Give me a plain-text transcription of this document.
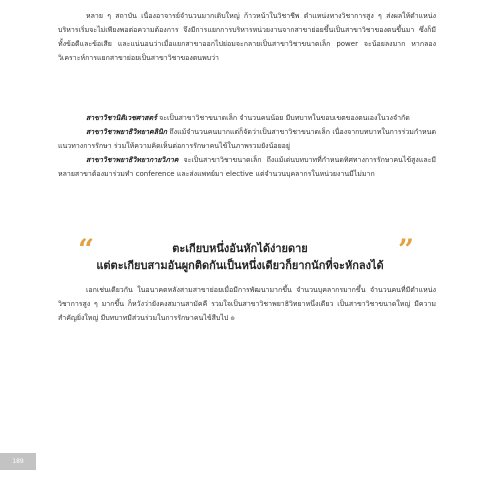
หลาย ๆ สถาบัน เนื่องอาจารย์จำนวนมากเติบใหญ่ ก้าวหน้าในวิชาชีพ ตำแหน่งทางวิชาการสูง ๆ ส่งผลให้ตำแหน่งบริหารเริ่มจะไม่เพียงพอต่อความต้องการ จึงมีการแยกการบริหารหน่วยงานจากสาขาย่อยขึ้นเป็นสาขาวิชาของตนขึ้นมา ซึ่งก็มีทั้งข้อดีและข้อเสีย และแน่นอนว่าเมื่อแยกสาขาออกไปย่อมจะกลายเป็นสาขาวิชาขนาดเล็ก power จะน้อยลงมาก หากลองวิเคราะห์การแยกสาขาย่อยเป็นสาขาวิชาของตนพบว่า

สาขาวิชานิติเวชศาสตร์ จะเป็นสาขาวิชาขนาดเล็ก จำนวนคนน้อย มีบทบาทในขอบเขตของตนเองในวงจำกัด
สาขาวิชาพยาธิวิทยาคลินิก ถึงแม้จำนวนคนมากแต่ก็จัดว่าเป็นสาขาวิชาขนาดเล็ก เนื่องจากบทบาทในการร่วมกำหนดแนวทางการรักษา ร่วมให้ความคิดเห็นต่อการรักษาคนไข้ในภาพรวมยังน้อยอยู่
สาขาวิชาพยาธิวิทยากายวิภาค จะเป็นสาขาวิชาขนาดเล็ก ถึงแม้เด่นบทบาทที่กำหนดทิศทางการรักษาคนไข้สูงและมีหลายสาขาต้องมาร่วมทำ conference และส่งแพทย์มา elective แต่จำนวนบุคลากรในหน่วยงานมีไม่มาก
“	ตะเกียบหนึ่งอันหักได้ง่ายดาย
แต่ตะเกียบสามอันผูกติดกันเป็นหนึ่งเดียวก็ยากนักที่จะหักลงได้ ”

เอกเช่นเดียวกัน ในอนาคตหลังสามสาขาย่อยเมื่อมีการพัฒนามากขึ้น จำนวนบุคลากรมากขึ้น จำนวนคนที่มีตำแหน่งวิชาการสูง ๆ มากขึ้น ก็หวังว่ายังคงสมานสามัคคี รวมใจเป็นสาขาวิชาพยาธิวิทยาหนึ่งเดียว เป็นสาขาวิชาขนาดใหญ่ มีความสำคัญยิ่งใหญ่ มีบทบาทมีส่วนร่วมในการรักษาคนไข้สืบไป ๏

189
